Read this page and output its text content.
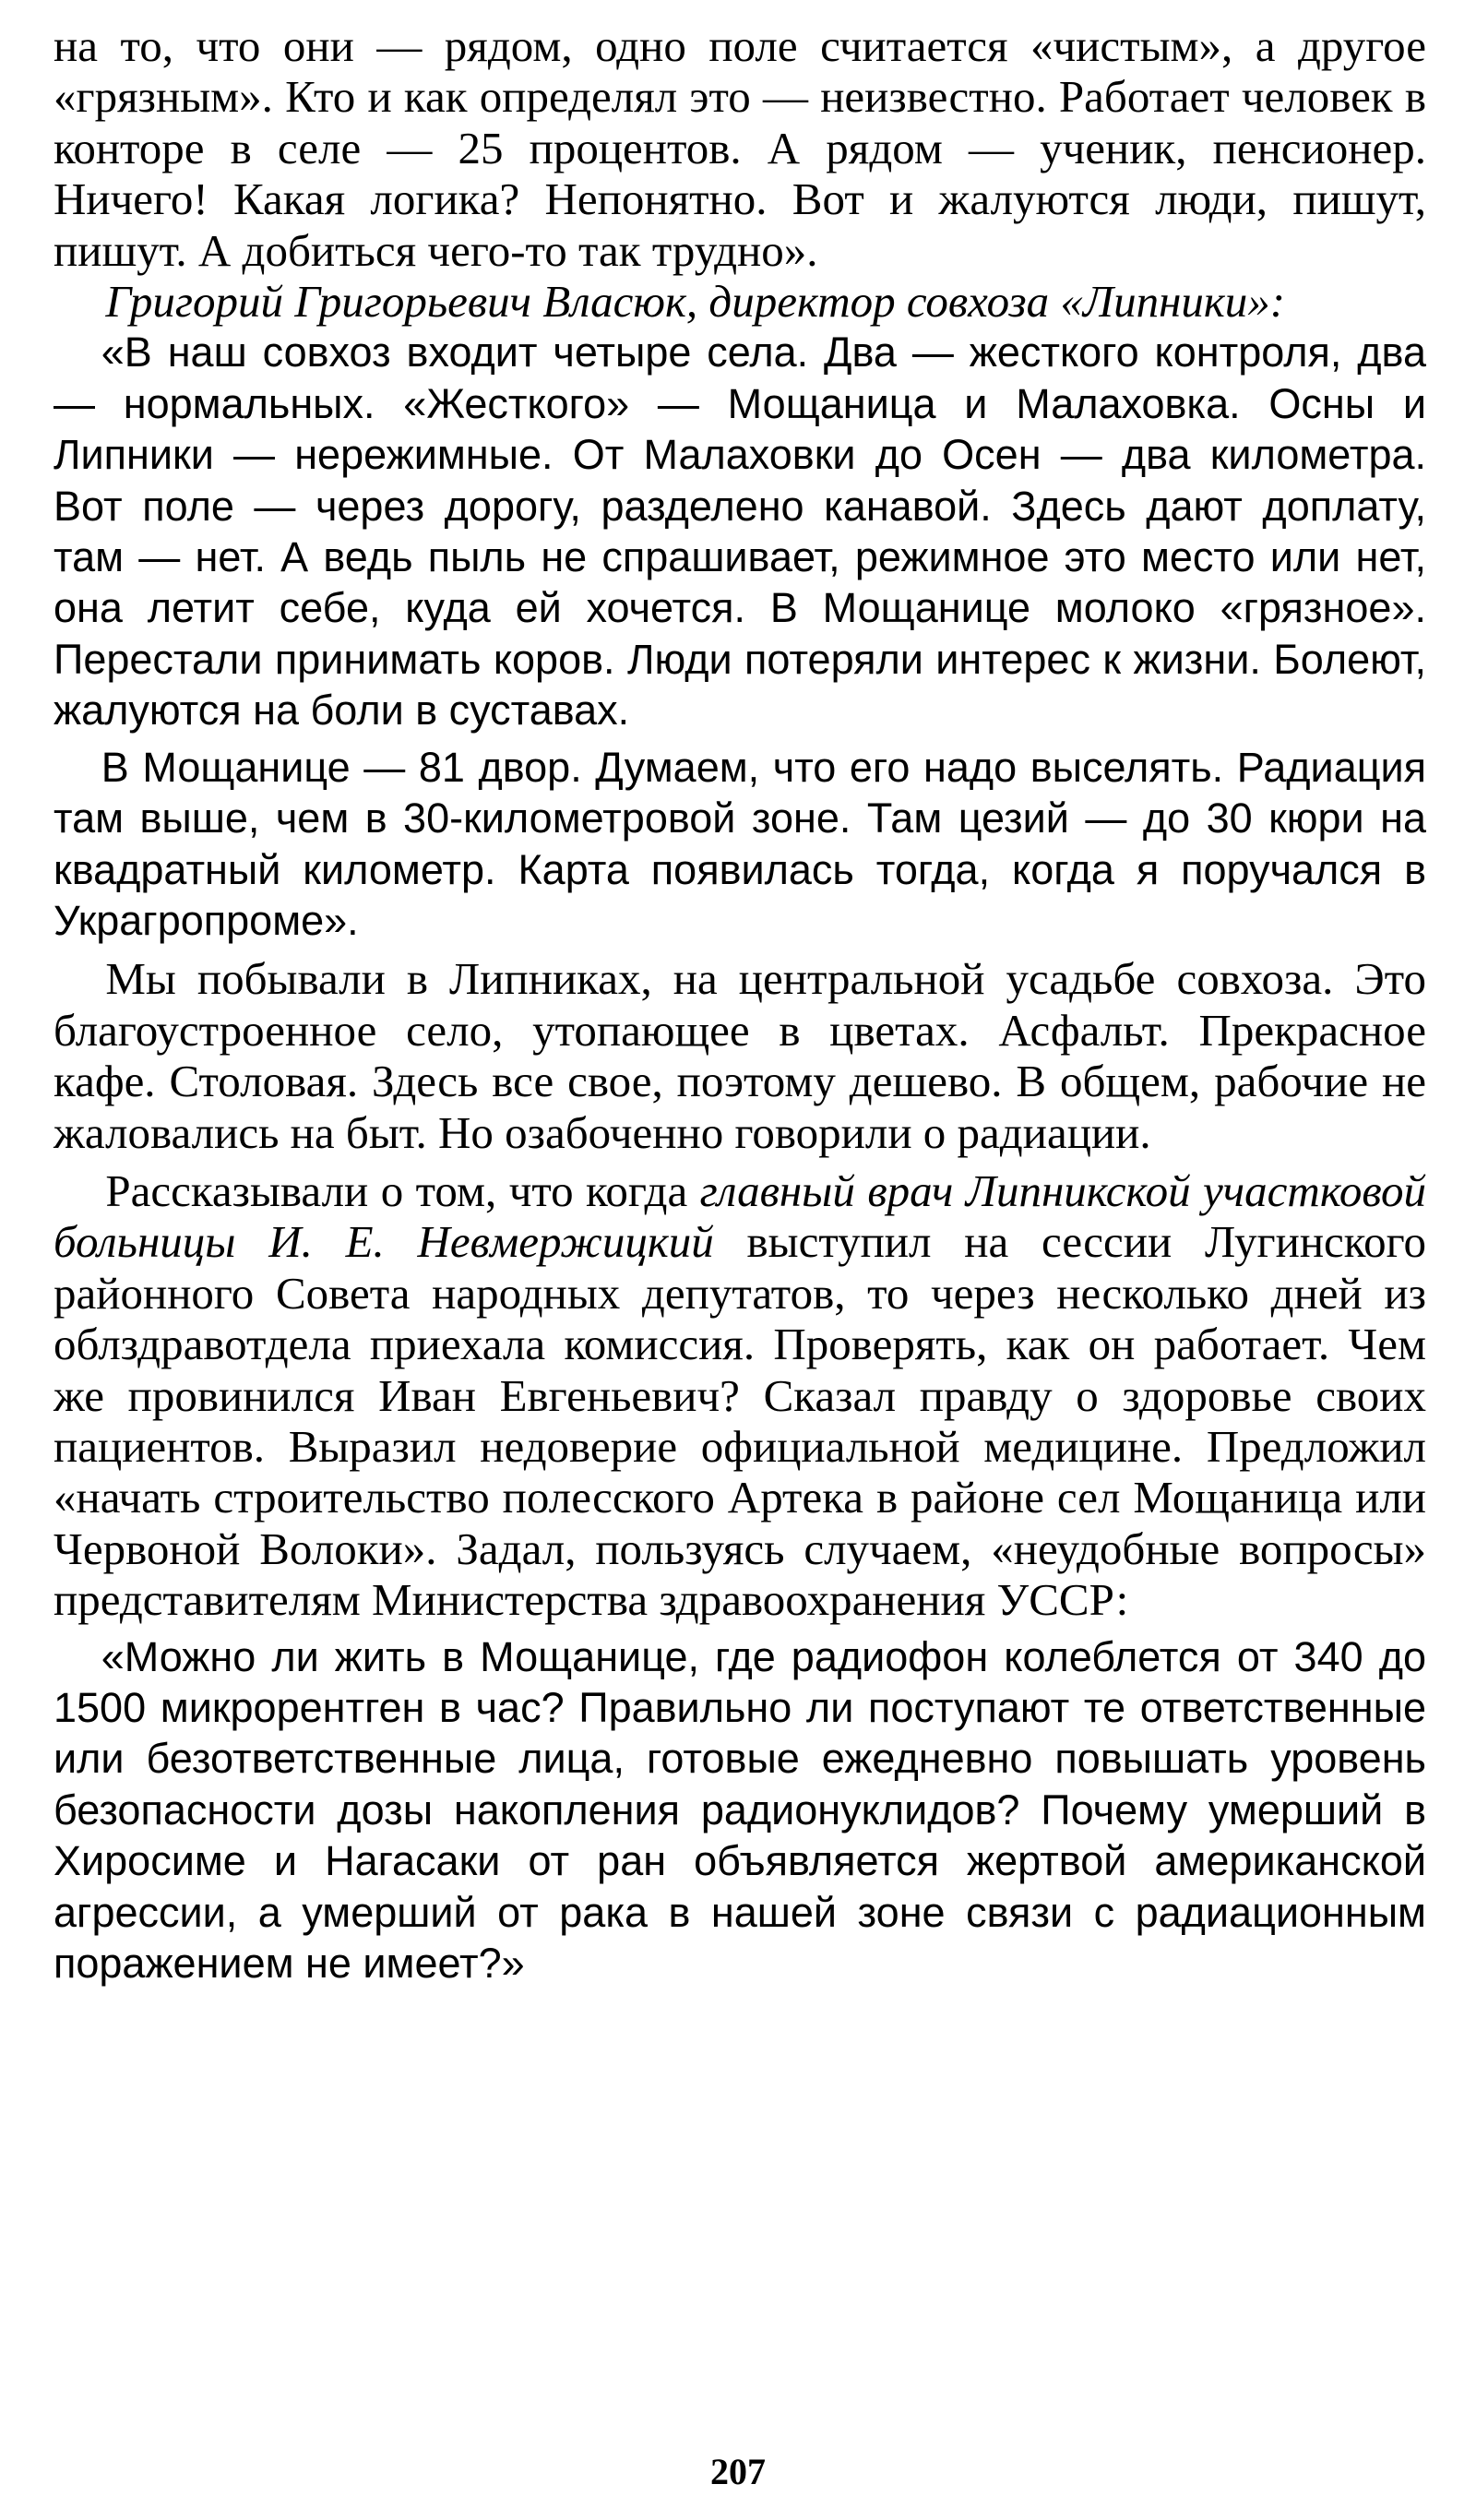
на то, что они — рядом, одно поле считается «чистым», а другое «грязным». Кто и как определял это — неизвестно. Работает человек в конторе в селе — 25 процентов. А рядом — ученик, пенсионер. Ничего! Какая логика? Непонятно. Вот и жалуются люди, пишут, пишут. А добиться чего-то так трудно».

Григорий Григорьевич Власюк, директор совхоза «Липники»:

«В наш совхоз входит четыре села. Два — жесткого контроля, два — нормальных. «Жесткого» — Мощаница и Малаховка. Осны и Липники — нережимные. От Малаховки до Осен — два километра. Вот поле — через дорогу, разделено канавой. Здесь дают доплату, там — нет. А ведь пыль не спрашивает, режимное это место или нет, она летит себе, куда ей хочется. В Мощанице молоко «грязное». Перестали принимать коров. Люди потеряли интерес к жизни. Болеют, жалуются на боли в суставах.

В Мощанице — 81 двор. Думаем, что его надо выселять. Радиация там выше, чем в 30-километровой зоне. Там цезий — до 30 кюри на квадратный километр. Карта появилась тогда, когда я поручался в Украгропроме».

Мы побывали в Липниках, на центральной усадьбе совхоза. Это благоустроенное село, утопающее в цветах. Асфальт. Прекрасное кафе. Столовая. Здесь все свое, поэтому дешево. В общем, рабочие не жаловались на быт. Но озабоченно говорили о радиации.

Рассказывали о том, что когда главный врач Липникской участковой больницы И. Е. Невмержицкий выступил на сессии Лугинского районного Совета народных депутатов, то через несколько дней из облздравотдела приехала комиссия. Проверять, как он работает. Чем же провинился Иван Евгеньевич? Сказал правду о здоровье своих пациентов. Выразил недоверие официальной медицине. Предложил «начать строительство полесского Артека в районе сел Мощаница или Червоной Волоки». Задал, пользуясь случаем, «неудобные вопросы» представителям Министерства здравоохранения УССР:

«Можно ли жить в Мощанице, где радиофон колеблется от 340 до 1500 микрорентген в час? Правильно ли поступают те ответственные или безответственные лица, готовые ежедневно повышать уровень безопасности дозы накопления радионуклидов? Почему умерший в Хиросиме и Нагасаки от ран объявляется жертвой американской агрессии, а умерший от рака в нашей зоне связи с радиационным поражением не имеет?»

207
